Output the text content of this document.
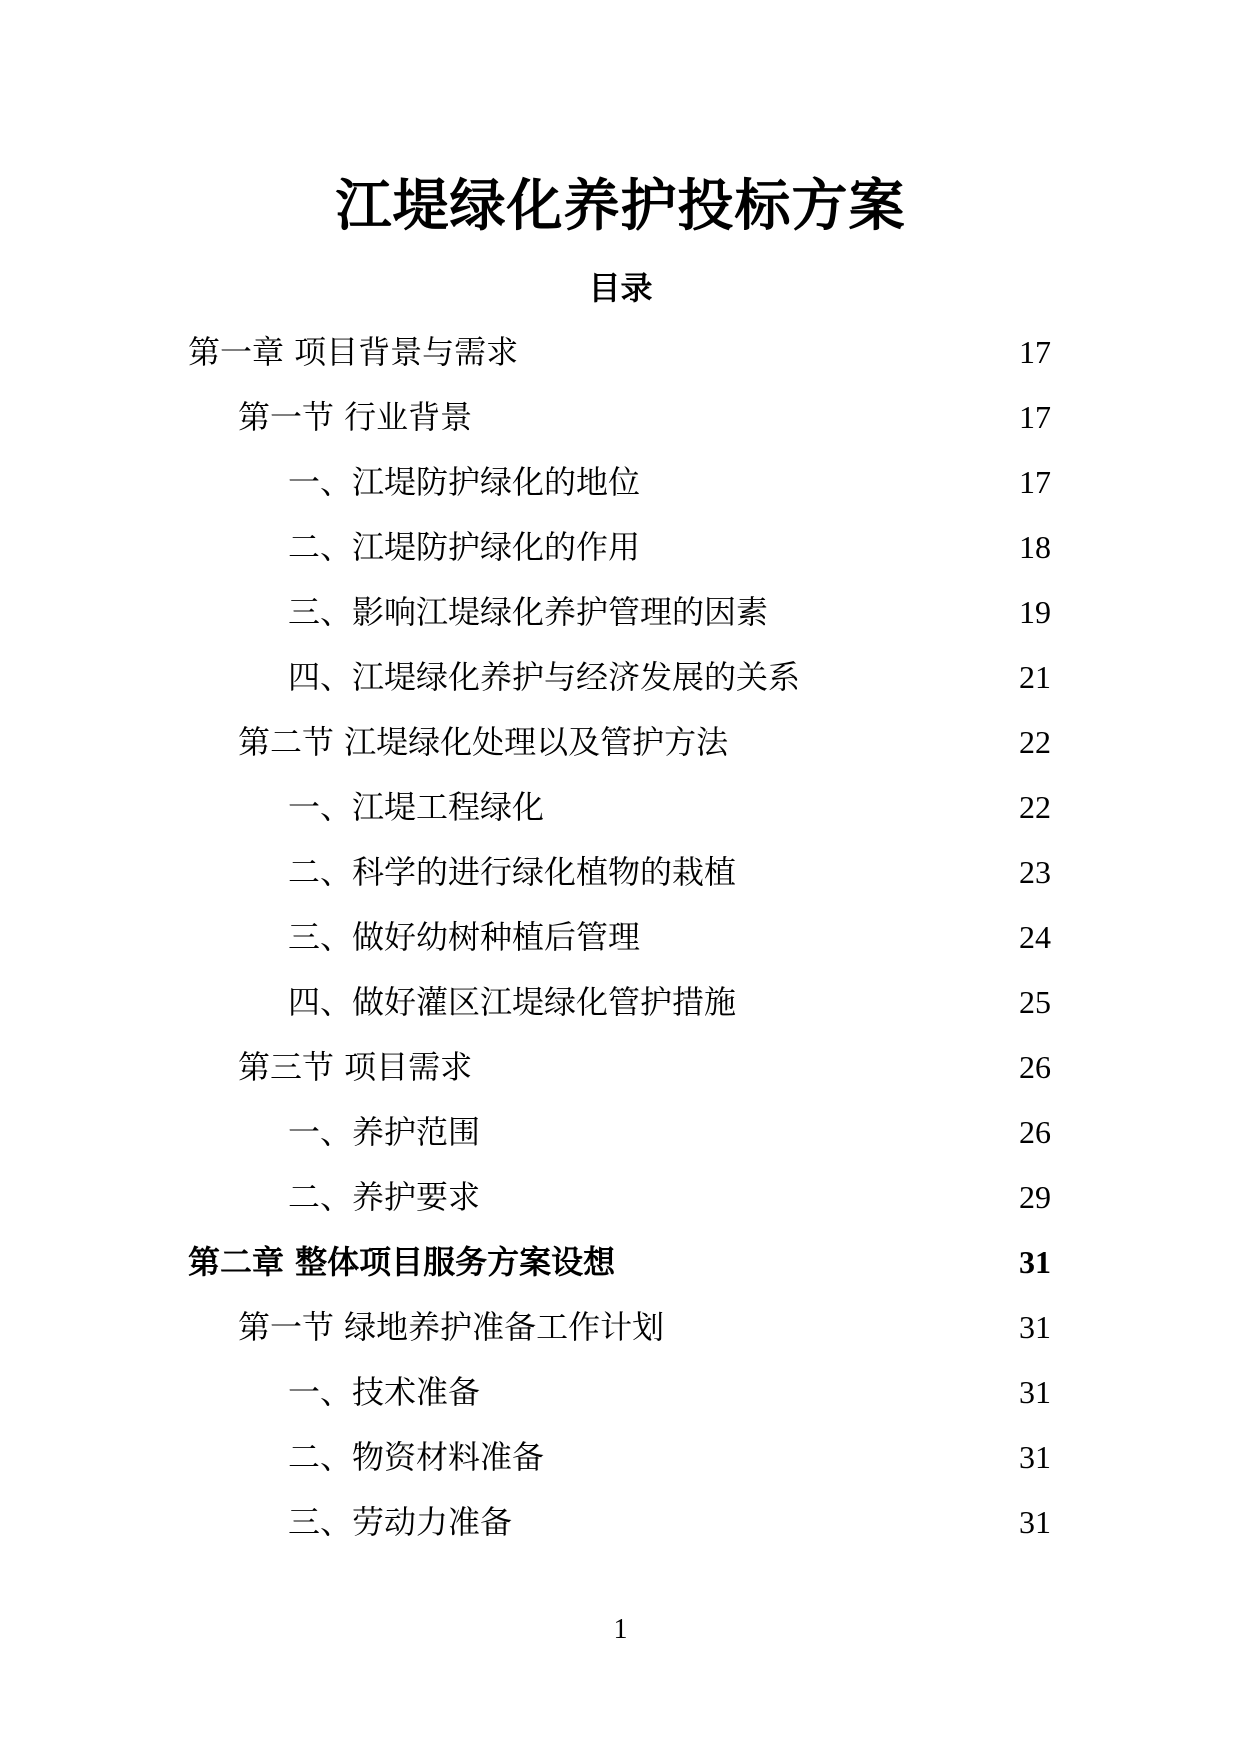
江堤绿化养护投标方案
目录
第一章 项目背景与需求	17
第一节 行业背景	17
一、江堤防护绿化的地位	17
二、江堤防护绿化的作用	18
三、影响江堤绿化养护管理的因素	19
四、江堤绿化养护与经济发展的关系	21
第二节 江堤绿化处理以及管护方法	22
一、江堤工程绿化	22
二、科学的进行绿化植物的栽植	23
三、做好幼树种植后管理	24
四、做好灌区江堤绿化管护措施	25
第三节 项目需求	26
一、养护范围	26
二、养护要求	29
第二章 整体项目服务方案设想	31
第一节 绿地养护准备工作计划	31
一、技术准备	31
二、物资材料准备	31
三、劳动力准备	31
1
